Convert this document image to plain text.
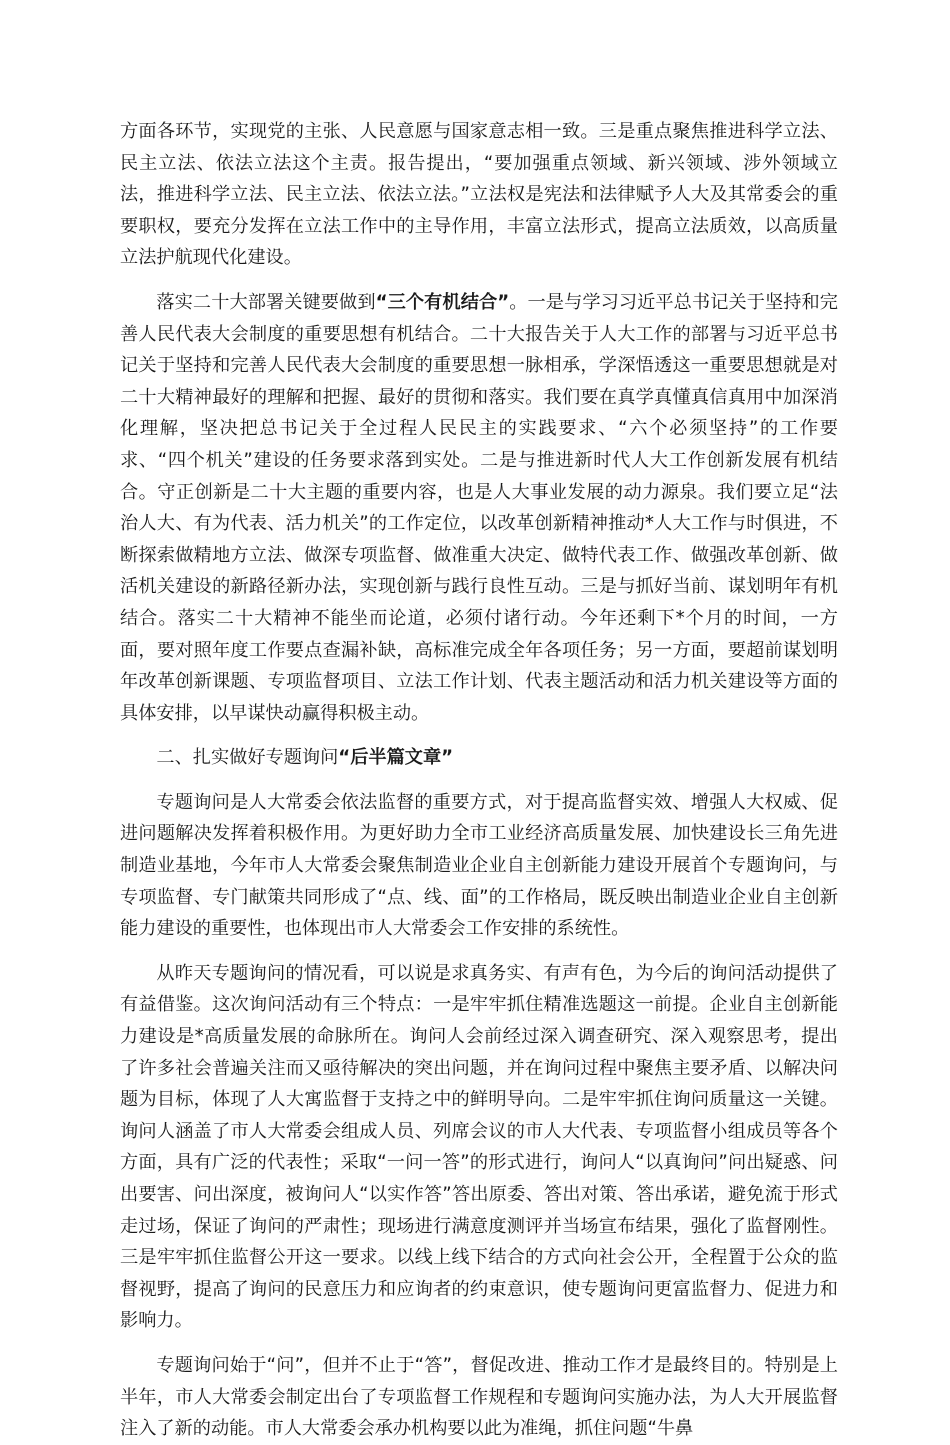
方面各环节，实现党的主张、人民意愿与国家意志相一致。三是重点聚焦推进科学立法、民主立法、依法立法这个主责。报告提出，“要加强重点领域、新兴领域、涉外领域立法，推进科学立法、民主立法、依法立法。”立法权是宪法和法律赋予人大及其常委会的重要职权，要充分发挥在立法工作中的主导作用，丰富立法形式，提高立法质效，以高质量立法护航现代化建设。

落实二十大部署关键要做到“三个有机结合”。一是与学习习近平总书记关于坚持和完善人民代表大会制度的重要思想有机结合。二十大报告关于人大工作的部署与习近平总书记关于坚持和完善人民代表大会制度的重要思想一脉相承，学深悟透这一重要思想就是对二十大精神最好的理解和把握、最好的贯彻和落实。我们要在真学真懂真信真用中加深消化理解，坚决把总书记关于全过程人民民主的实践要求、“六个必须坚持”的工作要求、“四个机关”建设的任务要求落到实处。二是与推进新时代人大工作创新发展有机结合。守正创新是二十大主题的重要内容，也是人大事业发展的动力源泉。我们要立足“法治人大、有为代表、活力机关”的工作定位，以改革创新精神推动*人大工作与时俱进，不断探索做精地方立法、做深专项监督、做准重大决定、做特代表工作、做强改革创新、做活机关建设的新路径新办法，实现创新与践行良性互动。三是与抓好当前、谋划明年有机结合。落实二十大精神不能坐而论道，必须付诸行动。今年还剩下*个月的时间，一方面，要对照年度工作要点查漏补缺，高标准完成全年各项任务；另一方面，要超前谋划明年改革创新课题、专项监督项目、立法工作计划、代表主题活动和活力机关建设等方面的具体安排，以早谋快动赢得积极主动。

二、扎实做好专题询问“后半篇文章”

专题询问是人大常委会依法监督的重要方式，对于提高监督实效、增强人大权威、促进问题解决发挥着积极作用。为更好助力全市工业经济高质量发展、加快建设长三角先进制造业基地，今年市人大常委会聚焦制造业企业自主创新能力建设开展首个专题询问，与专项监督、专门献策共同形成了“点、线、面”的工作格局，既反映出制造业企业自主创新能力建设的重要性，也体现出市人大常委会工作安排的系统性。

从昨天专题询问的情况看，可以说是求真务实、有声有色，为今后的询问活动提供了有益借鉴。这次询问活动有三个特点：一是牢牢抓住精准选题这一前提。企业自主创新能力建设是*高质量发展的命脉所在。询问人会前经过深入调查研究、深入观察思考，提出了许多社会普遍关注而又亟待解决的突出问题，并在询问过程中聚焦主要矛盾、以解决问题为目标，体现了人大寓监督于支持之中的鲜明导向。二是牢牢抓住询问质量这一关键。询问人涵盖了市人大常委会组成人员、列席会议的市人大代表、专项监督小组成员等各个方面，具有广泛的代表性；采取“一问一答”的形式进行，询问人“以真询问”问出疑惑、问出要害、问出深度，被询问人“以实作答”答出原委、答出对策、答出承诺，避免流于形式走过场，保证了询问的严肃性；现场进行满意度测评并当场宣布结果，强化了监督刚性。三是牢牢抓住监督公开这一要求。以线上线下结合的方式向社会公开，全程置于公众的监督视野，提高了询问的民意压力和应询者的约束意识，使专题询问更富监督力、促进力和影响力。

专题询问始于“问”，但并不止于“答”，督促改进、推动工作才是最终目的。特别是上半年，市人大常委会制定出台了专项监督工作规程和专题询问实施办法，为人大开展监督注入了新的动能。市人大常委会承办机构要以此为准绳，抓住问题“牛鼻
